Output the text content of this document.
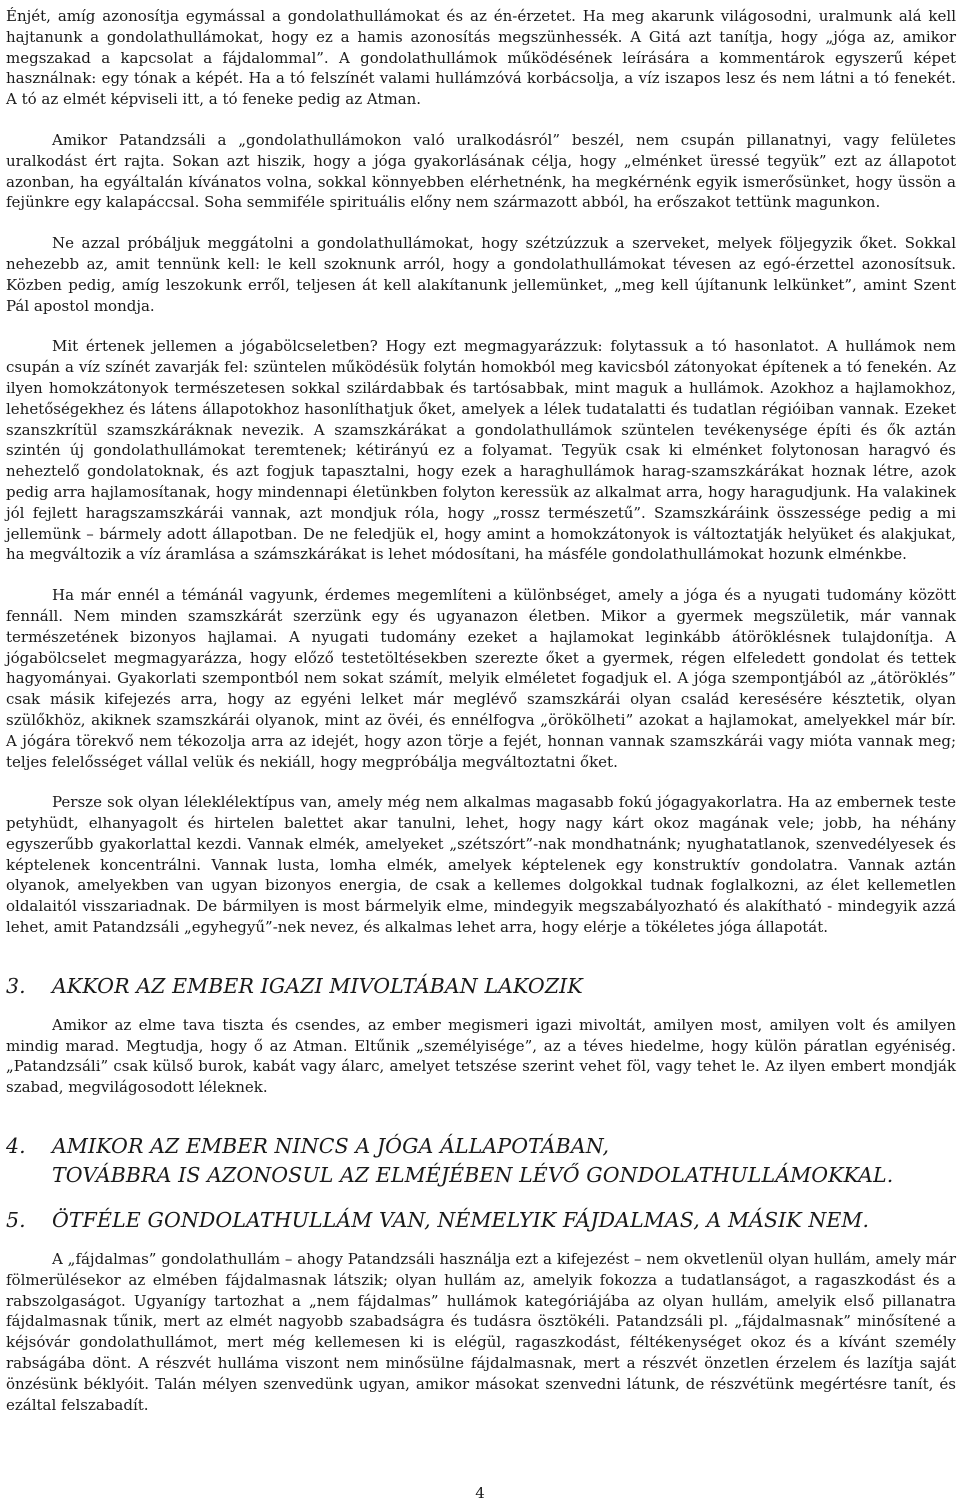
Énjét, amíg azonosítja egymással a gondolathullámokat és az én-érzetet. Ha meg akarunk világosodni, uralmunk alá kell hajtanunk a gondolathullámokat, hogy ez a hamis azonosítás megszünhessék. A Gitá azt tanítja, hogy „jóga az, amikor megszakad a kapcsolat a fájdalommal”. A gondolathullámok működésének leírására a kommentárok egyszerű képet használnak: egy tónak a képét. Ha a tó felszínét valami hullámzóvá korbácsolja, a víz iszapos lesz és nem látni a tó fenekét. A tó az elmét képviseli itt, a tó feneke pedig az Atman.

Amikor Patandzsáli a „gondolathullámokon való uralkodásról” beszél, nem csupán pillanatnyi, vagy felületes uralkodást ért rajta. Sokan azt hiszik, hogy a jóga gyakorlásának célja, hogy „elménket üressé tegyük” ezt az állapotot azonban, ha egyáltalán kívánatos volna, sokkal könnyebben elérhetnénk, ha megkérnénk egyik ismerősünket, hogy üssön a fejünkre egy kalapáccsal. Soha semmiféle spirituális előny nem származott abból, ha erőszakot tettünk magunkon.

Ne azzal próbáljuk meggátolni a gondolathullámokat, hogy szétzúzzuk a szerveket, melyek följegyzik őket. Sokkal nehezebb az, amit tennünk kell: le kell szoknunk arról, hogy a gondolathullámokat tévesen az egó-érzettel azonosítsuk. Közben pedig, amíg leszokunk erről, teljesen át kell alakítanunk jellemünket, „meg kell újítanunk lelkünket”, amint Szent Pál apostol mondja.

Mit értenek jellemen a jógabölcseletben? Hogy ezt megmagyarázzuk: folytassuk a tó hasonlatot. A hullámok nem csupán a víz színét zavarják fel: szüntelen működésük folytán homokból meg kavicsból zátonyokat építenek a tó fenekén. Az ilyen homokzátonyok természetesen sokkal szilárdabbak és tartósabbak, mint maguk a hullámok. Azokhoz a hajlamokhoz, lehetőségekhez és látens állapotokhoz hasonlíthatjuk őket, amelyek a lélek tudatalatti és tudatlan régióiban vannak. Ezeket szanszkrítül szamszkáráknak nevezik. A szamszkárákat a gondolathullámok szüntelen tevékenysége építi és ők aztán szintén új gondolathullámokat teremtenek; kétirányú ez a folyamat. Tegyük csak ki elménket folytonosan haragvó és neheztelő gondolatoknak, és azt fogjuk tapasztalni, hogy ezek a haraghullámok harag-szamszkárákat hoznak létre, azok pedig arra hajlamosítanak, hogy mindennapi életünkben folyton keressük az alkalmat arra, hogy haragudjunk. Ha valakinek jól fejlett haragszamszkárái vannak, azt mondjuk róla, hogy „rossz természetű”. Szamszkáráink összessége pedig a mi jellemünk – bármely adott állapotban. De ne feledjük el, hogy amint a homokzátonyok is változtatják helyüket és alakjukat, ha megváltozik a víz áramlása a számszkárákat is lehet módosítani, ha másféle gondolathullámokat hozunk elménkbe.

Ha már ennél a témánál vagyunk, érdemes megemlíteni a különbséget, amely a jóga és a nyugati tudomány között fennáll. Nem minden szamszkárát szerzünk egy és ugyanazon életben. Mikor a gyermek megszületik, már vannak természetének bizonyos hajlamai. A nyugati tudomány ezeket a hajlamokat leginkább átöröklésnek tulajdonítja. A jógabölcselet megmagyarázza, hogy előző testetöltésekben szerezte őket a gyermek, régen elfeledett gondolat és tettek hagyományai. Gyakorlati szempontból nem sokat számít, melyik elméletet fogadjuk el. A jóga szempontjából az „átöröklés” csak másik kifejezés arra, hogy az egyéni lelket már meglévő szamszkárái olyan család keresésére késztetik, olyan szülőkhöz, akiknek szamszkárái olyanok, mint az övéi, és ennélfogva „örökölheti” azokat a hajlamokat, amelyekkel már bír. A jógára törekvő nem tékozolja arra az idejét, hogy azon törje a fejét, honnan vannak szamszkárái vagy mióta vannak meg; teljes felelősséget vállal velük és nekiáll, hogy megpróbálja megváltoztatni őket.

Persze sok olyan léleklélektípus van, amely még nem alkalmas magasabb fokú jógagyakorlatra. Ha az embernek teste petyhüdt, elhanyagolt és hirtelen balettet akar tanulni, lehet, hogy nagy kárt okoz magának vele; jobb, ha néhány egyszerűbb gyakorlattal kezdi. Vannak elmék, amelyeket „szétszórt”-nak mondhatnánk; nyughatatlanok, szenvedélyesek és képtelenek koncentrálni. Vannak lusta, lomha elmék, amelyek képtelenek egy konstruktív gondolatra. Vannak aztán olyanok, amelyekben van ugyan bizonyos energia, de csak a kellemes dolgokkal tudnak foglalkozni, az élet kellemetlen oldalaitól visszariadnak. De bármilyen is most bármelyik elme, mindegyik megszabályozható és alakítható - mindegyik azzá lehet, amit Patandzsáli „egyhegyű”-nek nevez, és alkalmas lehet arra, hogy elérje a tökéletes jóga állapotát.

3. AKKOR AZ EMBER IGAZI MIVOLTÁBAN LAKOZIK

Amikor az elme tava tiszta és csendes, az ember megismeri igazi mivoltát, amilyen most, amilyen volt és amilyen mindig marad. Megtudja, hogy ő az Atman. Eltűnik „személyisége”, az a téves hiedelme, hogy külön páratlan egyéniség. „Patandzsáli” csak külső burok, kabát vagy álarc, amelyet tetszése szerint vehet föl, vagy tehet le. Az ilyen embert mondják szabad, megvilágosodott léleknek.

4. AMIKOR AZ EMBER NINCS A JÓGA ÁLLAPOTÁBAN,
TOVÁBBRA IS AZONOSUL AZ ELMÉJÉBEN LÉVŐ GONDOLATHULLÁMOKKAL.
5. ÖTFÉLE GONDOLATHULLÁM VAN, NÉMELYIK FÁJDALMAS, A MÁSIK NEM.

A „fájdalmas” gondolathullám – ahogy Patandzsáli használja ezt a kifejezést – nem okvetlenül olyan hullám, amely már fölmerülésekor az elmében fájdalmasnak látszik; olyan hullám az, amelyik fokozza a tudatlanságot, a ragaszkodást és a rabszolgaságot. Ugyanígy tartozhat a „nem fájdalmas” hullámok kategóriájába az olyan hullám, amelyik első pillanatra fájdalmasnak tűnik, mert az elmét nagyobb szabadságra és tudásra ösztökéli. Patandzsáli pl. „fájdalmasnak” minősítené a kéjsóvár gondolathullámot, mert még kellemesen ki is elégül, ragaszkodást, féltékenységet okoz és a kívánt személy rabságába dönt. A részvét hulláma viszont nem minősülne fájdalmasnak, mert a részvét önzetlen érzelem és lazítja saját önzésünk béklyóit. Talán mélyen szenvedünk ugyan, amikor másokat szenvedni látunk, de részvétünk megértésre tanít, és ezáltal felszabadít.

4
